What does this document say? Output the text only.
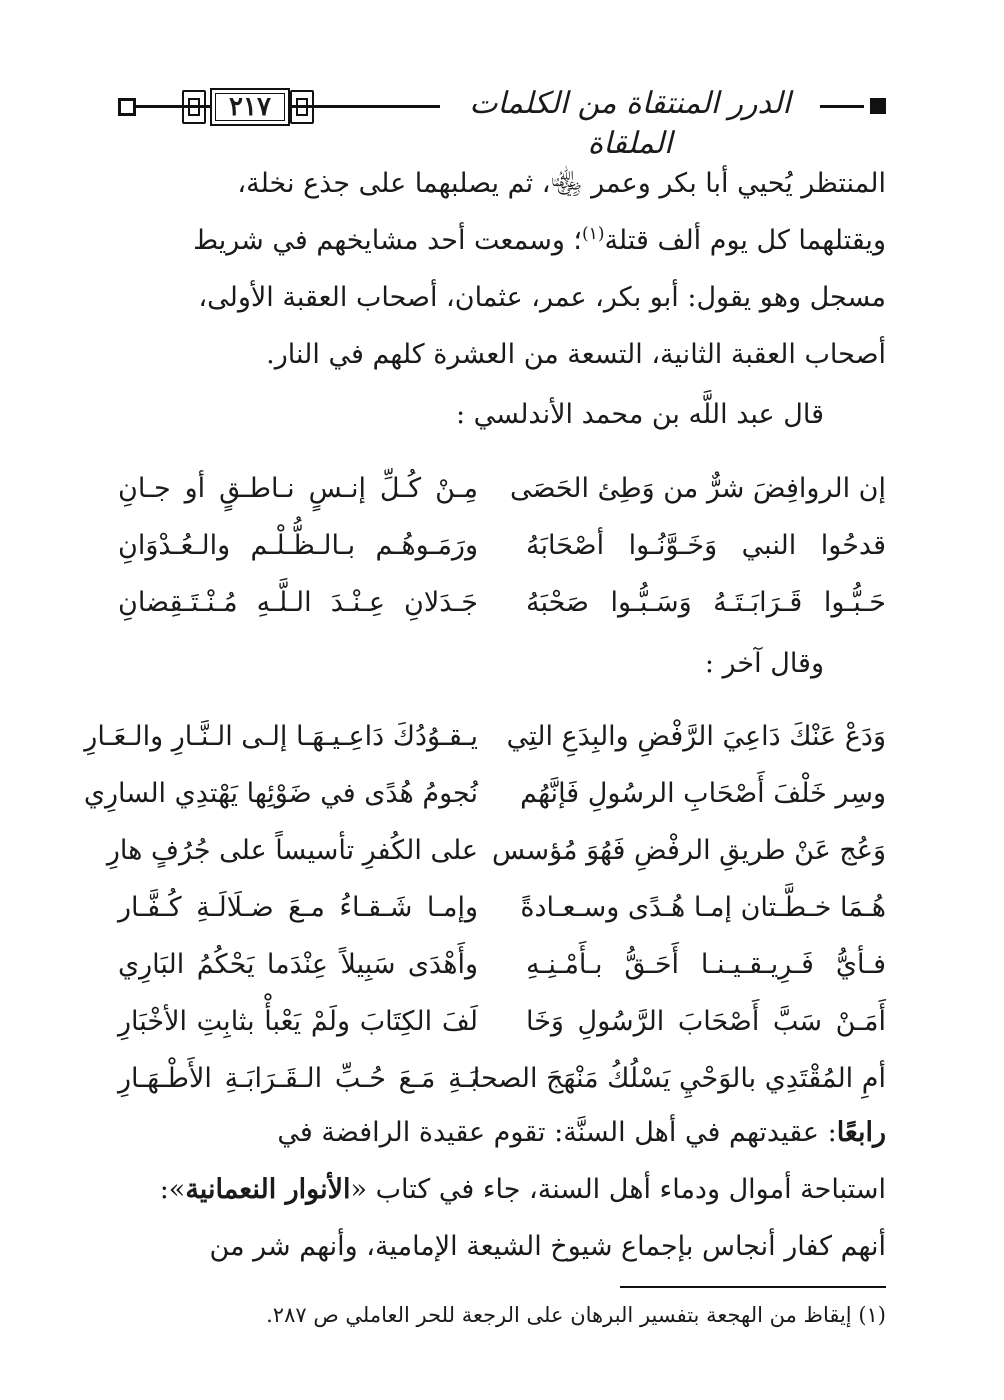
٢١٧	الدرر المنتقاة من الكلمات الملقاة
المنتظر يُحيي أبا بكر وعمر ﵄، ثم يصلبهما على جذع نخلة،
ويقتلهما كل يوم ألف قتلة$^{(١)}$؛ وسمعت أحد مشايخهم في شريط
مسجل وهو يقول: أبو بكر، عمر، عثمان، أصحاب العقبة الأولى،
أصحاب العقبة الثانية، التسعة من العشرة كلهم في النار.
قال عبد اللَّه بن محمد الأندلسي :
إن الروافِضَ شرٌّ من وَطِئ الحَصَى
مِـنْ كُـلِّ إنـسٍ نـاطـقٍ أو جـانِ
قدحُوا النبي وَخَـوَّنُـوا أصْحَابَهُ
ورَمَـوهُـم بـالـظُّـلْـم والـعُـدْوَانِ
حَـبُّـوا قَـرَابَـتَـهُ وَسَـبُّـوا صَحْبَهُ
جَـدَلانِ عِـنْـدَ الـلَّـهِ مُـنْـتَـقِضانِ
وقال آخر :
وَدَعْ عَنْكَ دَاعِيَ الرَّفْضِ والبِدَعِ التِي
يـقـوُدُكَ دَاعِـيـهَـا إلـى الـنَّـارِ والـعَـارِ
وسِر خَلْفَ أَصْحَابِ الرسُولِ فَإنَّهُم
نُجومُ هُدًى في ضَوْئِها يَهْتدِي السارِي
وَعُج عَنْ طريقِ الرفْضِ فَهُوَ مُؤسس
على الكُفرِ تأسيساً على جُرُفٍ هارِ
هُـمَا خـطَّـتان إمـا هُـدًى وسـعـادةً
وإمـا شَـقـاءُ مـعَ ضـلَالَـةِ كُـفَّـار
فـأيُّ فَـرِيـقـيـنـا أَحَـقُّ بـأَمْـنِـهِ
وأَهْدَى سَبِيلاً عِنْدَما يَحْكُمُ البَارِي
أَمَـنْ سَبَّ أَصْحَابَ الرَّسُولِ وَخَا
لَفَ الكِتَابَ ولَمْ يَعْبأْ بثابِتِ الأخْبَارِ
أمِ المُقْتَدِي بالوَحْيِ يَسْلُكُ مَنْهَجَ الصحا
بَـةِ مَـعَ حُـبِّ الـقَـرَابَـةِ الأَطْـهَـارِ
رابعًا: عقيدتهم في أهل السنَّة: تقوم عقيدة الرافضة في
استباحة أموال ودماء أهل السنة، جاء في كتاب «الأنوار النعمانية»:
أنهم كفار أنجاس بإجماع شيوخ الشيعة الإمامية، وأنهم شر من
(١) إيقاظ من الهجعة بتفسير البرهان على الرجعة للحر العاملي ص ٢٨٧.
